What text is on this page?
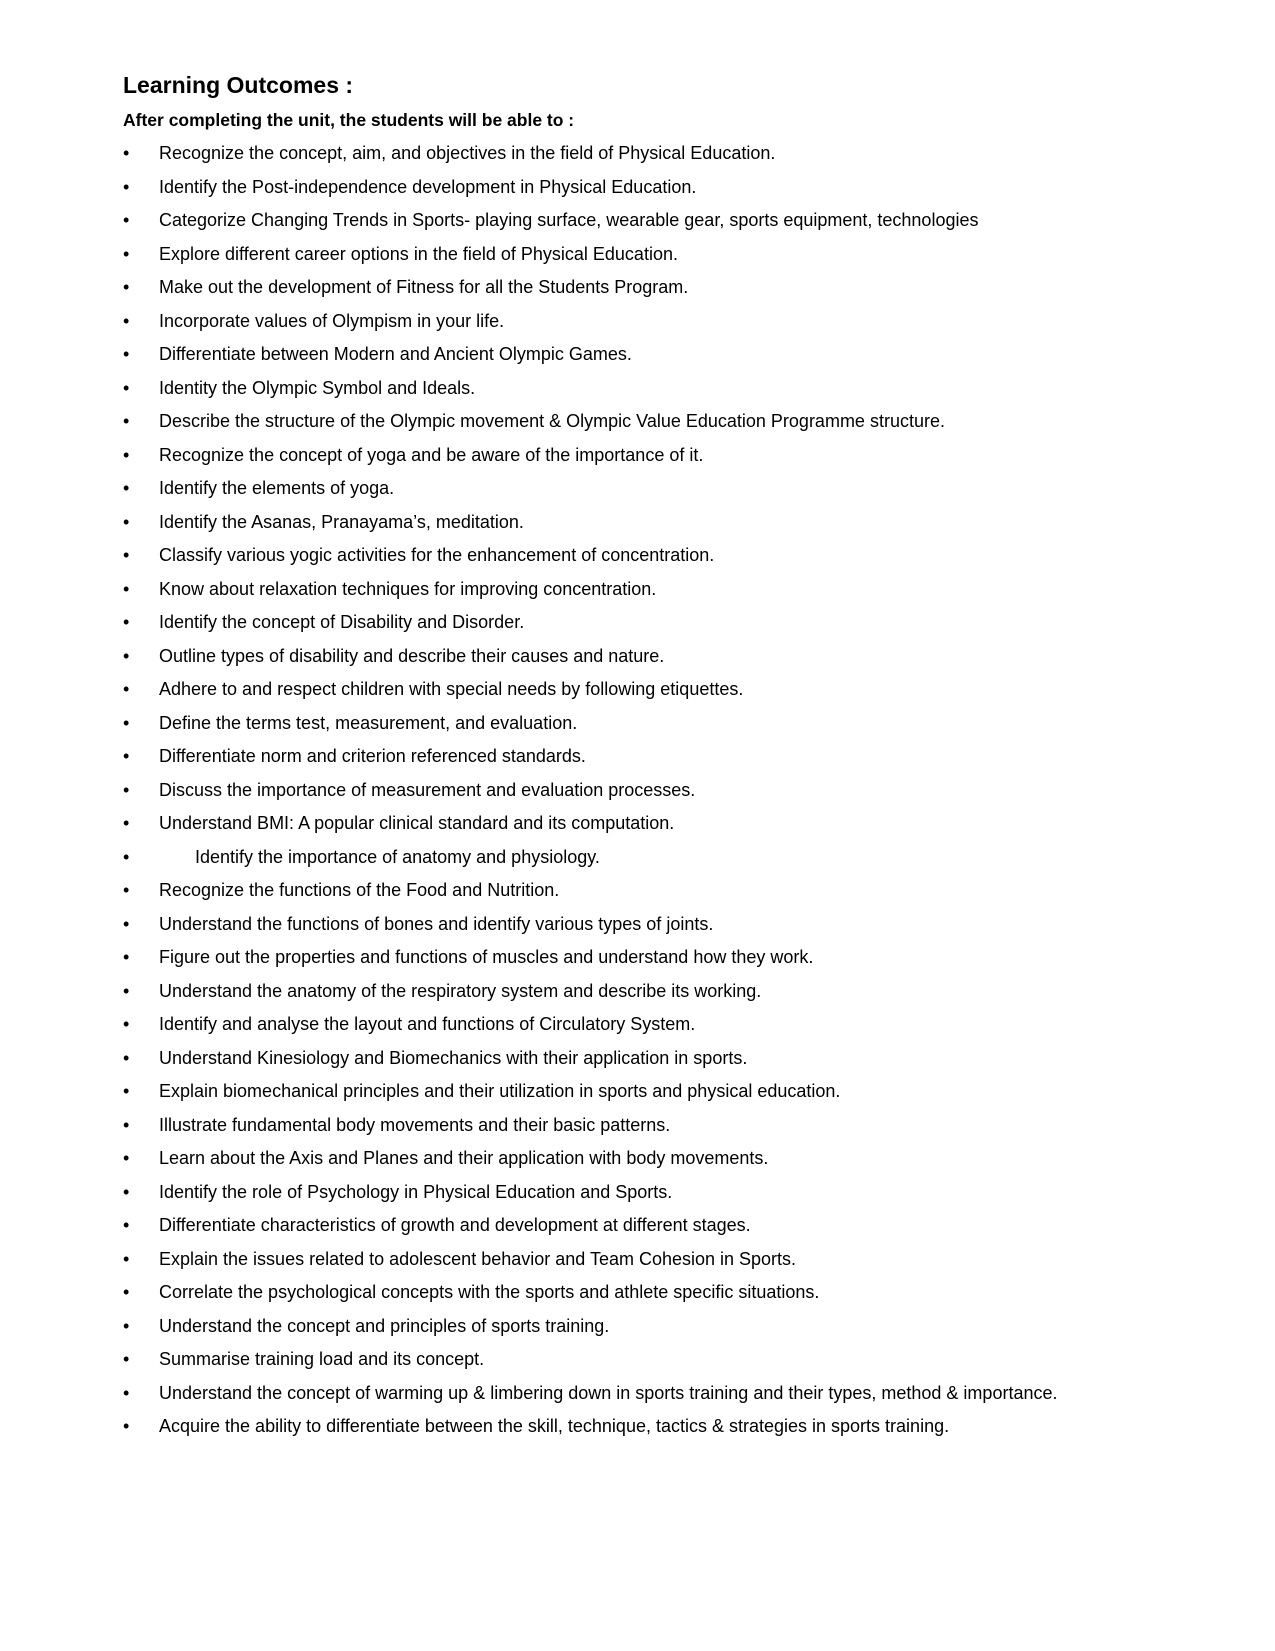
Learning Outcomes :
After completing the unit, the students will be able to :
•	Recognize the concept, aim, and objectives in the field of Physical Education.
•	Identify the Post-independence development in Physical Education.
•	Categorize Changing Trends in Sports- playing surface, wearable gear, sports equipment, technologies
•	Explore different career options in the field of Physical Education.
•	Make out the development of Fitness for all the Students Program.
•	Incorporate values of Olympism in your life.
•	Differentiate between Modern and Ancient Olympic Games.
•	Identity the Olympic Symbol and Ideals.
•	Describe the structure of the Olympic movement & Olympic Value Education Programme structure.
•	Recognize the concept of yoga and be aware of the importance of it.
•	Identify the elements of yoga.
•	Identify the Asanas, Pranayama’s, meditation.
•	Classify various yogic activities for the enhancement of concentration.
•	Know about relaxation techniques for improving concentration.
•	Identify the concept of Disability and Disorder.
•	Outline types of disability and describe their causes and nature.
•	Adhere to and respect children with special needs by following etiquettes.
•	Define the terms test, measurement, and evaluation.
•	Differentiate norm and criterion referenced standards.
•	Discuss the importance of measurement and evaluation processes.
•	Understand BMI: A popular clinical standard and its computation.
•	Identify the importance of anatomy and physiology.
•	Recognize the functions of the Food and Nutrition.
•	Understand the functions of bones and identify various types of joints.
•	Figure out the properties and functions of muscles and understand how they work.
•	Understand the anatomy of the respiratory system and describe its working.
•	Identify and analyse the layout and functions of Circulatory System.
•	Understand Kinesiology and Biomechanics with their application in sports.
•	Explain biomechanical principles and their utilization in sports and physical education.
•	Illustrate fundamental body movements and their basic patterns.
•	Learn about the Axis and Planes and their application with body movements.
•	Identify the role of Psychology in Physical Education and Sports.
•	Differentiate characteristics of growth and development at different stages.
•	Explain the issues related to adolescent behavior and Team Cohesion in Sports.
•	Correlate the psychological concepts with the sports and athlete specific situations.
•	Understand the concept and principles of sports training.
•	Summarise training load and its concept.
•	Understand the concept of warming up & limbering down in sports training and their types, method & importance.
•	Acquire the ability to differentiate between the skill, technique, tactics & strategies in sports training.
